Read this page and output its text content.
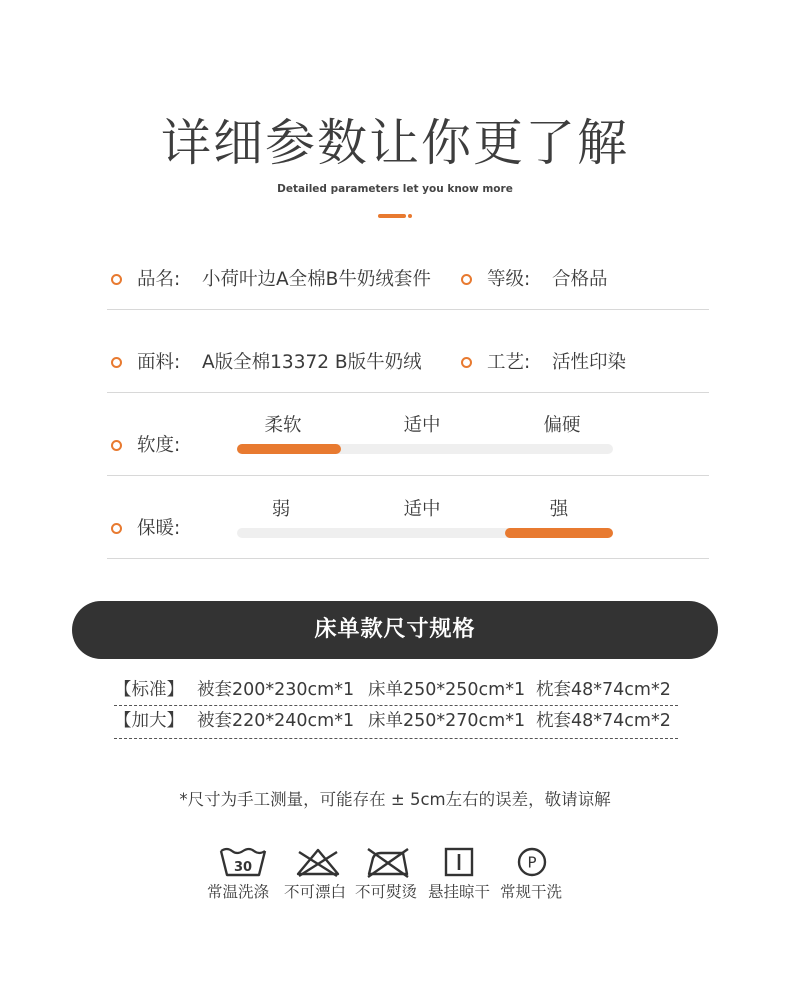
详细参数让你更了解
Detailed parameters let you know more
品名: 小荷叶边A全棉B牛奶绒套件	等级: 合格品
面料: A版全棉13372 B版牛奶绒	工艺: 活性印染
软度:
柔软	适中	偏硬
保暖:
弱	适中	强
床单款尺寸规格
【标准】 被套200*230cm*1 床单250*250cm*1 枕套48*74cm*2
【加大】 被套220*240cm*1 床单250*270cm*1 枕套48*74cm*2
*尺寸为手工测量，可能存在 ± 5cm左右的误差，敬请谅解
30	P
常温洗涤 不可漂白 不可熨烫 悬挂晾干 常规干洗
